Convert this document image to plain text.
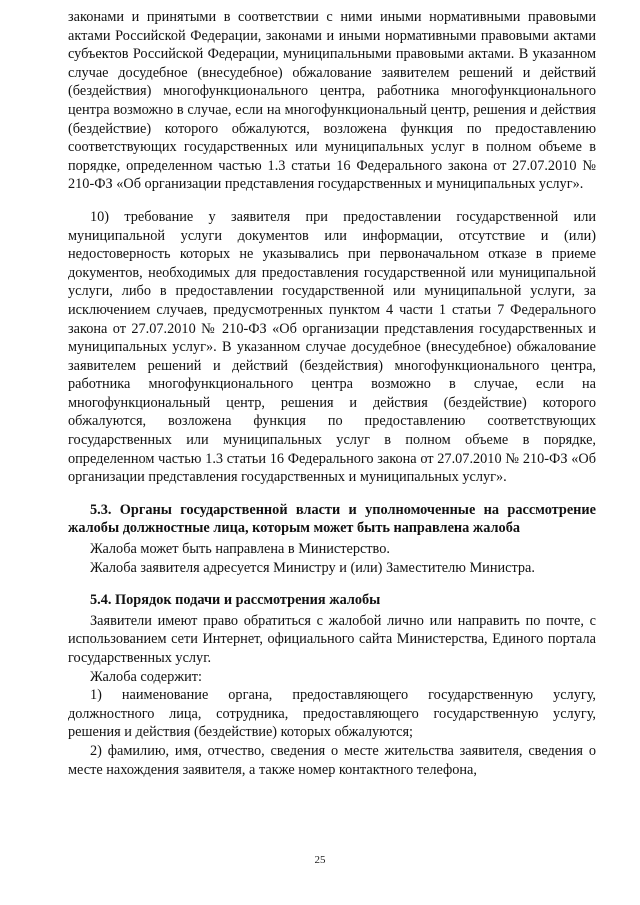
законами и принятыми в соответствии с ними иными нормативными правовыми актами Российской Федерации, законами и иными нормативными правовыми актами субъектов Российской Федерации, муниципальными правовыми актами. В указанном случае досудебное (внесудебное) обжалование заявителем решений и действий (бездействия) многофункционального центра, работника многофункционального центра возможно в случае, если на многофункциональный центр, решения и действия (бездействие) которого обжалуются, возложена функция по предоставлению соответствующих государственных или муниципальных услуг в полном объеме в порядке, определенном частью 1.3 статьи 16 Федерального закона от 27.07.2010 № 210-ФЗ «Об организации представления государственных и муниципальных услуг».

10) требование у заявителя при предоставлении государственной или муниципальной услуги документов или информации, отсутствие и (или) недостоверность которых не указывались при первоначальном отказе в приеме документов, необходимых для предоставления государственной или муниципальной услуги, либо в предоставлении государственной или муниципальной услуги, за исключением случаев, предусмотренных пунктом 4 части 1 статьи 7 Федерального закона от 27.07.2010 № 210-ФЗ «Об организации представления государственных и муниципальных услуг». В указанном случае досудебное (внесудебное) обжалование заявителем решений и действий (бездействия) многофункционального центра, работника многофункционального центра возможно в случае, если на многофункциональный центр, решения и действия (бездействие) которого обжалуются, возложена функция по предоставлению соответствующих государственных или муниципальных услуг в полном объеме в порядке, определенном частью 1.3 статьи 16 Федерального закона от 27.07.2010 № 210-ФЗ «Об организации представления государственных и муниципальных услуг».

5.3. Органы государственной власти и уполномоченные на рассмотрение жалобы должностные лица, которым может быть направлена жалоба

Жалоба может быть направлена в Министерство.

Жалоба заявителя адресуется Министру и (или) Заместителю Министра.

5.4. Порядок подачи и рассмотрения жалобы

Заявители имеют право обратиться с жалобой лично или направить по почте, с использованием сети Интернет, официального сайта Министерства, Единого портала государственных услуг.

Жалоба содержит:

1) наименование органа, предоставляющего государственную услугу, должностного лица, сотрудника, предоставляющего государственную услугу, решения и действия (бездействие) которых обжалуются;

2) фамилию, имя, отчество, сведения о месте жительства заявителя, сведения о месте нахождения заявителя, а также номер контактного телефона,

25
